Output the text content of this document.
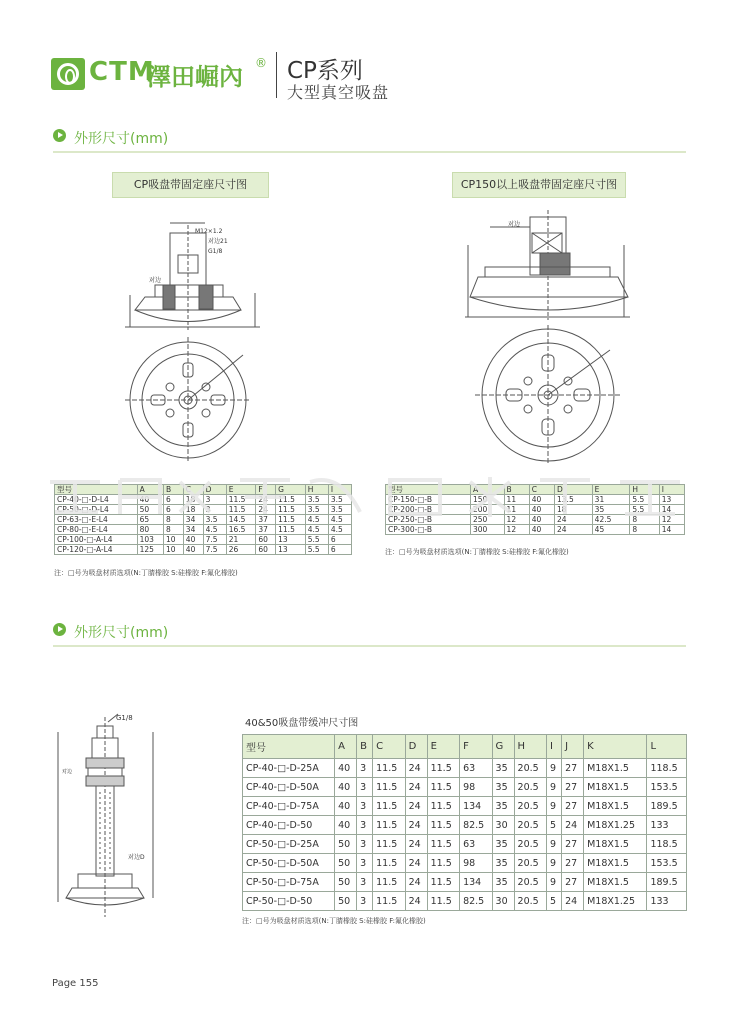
CTM
澤田崛內 ® CP系列
大型真空吸盘
外形尺寸(mm)
CP吸盘带固定座尺寸图	CP150以上吸盘带固定座尺寸图
M12×1.2
对边21
G1/8
对边
对边
型号	A	B	C	D	E	F	G	H	I
CP-40-□-D-L4	40	6	18	3	11.5	24	11.5	3.5	3.5
CP-50-□-D-L4	50	6	18	3	11.5	24	11.5	3.5	3.5
CP-63-□-E-L4	65	8	34	3.5	14.5	37	11.5	4.5	4.5
CP-80-□-E-L4	80	8	34	4.5	16.5	37	11.5	4.5	4.5
CP-100-□-A-L4	103	10	40	7.5	21	60	13	5.5	6
CP-120-□-A-L4	125	10	40	7.5	26	60	13	5.5	6
型号	A	B	C	D	E	H	I
CP-150-□-B	150	11	40	13.5	31	5.5	13
CP-200-□-B	200	11	40	18	35	5.5	14
CP-250-□-B	250	12	40	24	42.5	8	12
CP-300-□-B	300	12	40	24	45	8	14
注：□号为吸盘材质选项(N:丁腈橡胶 S:硅橡胶 F:氟化橡胶)
注：□号为吸盘材质选项(N:丁腈橡胶 S:硅橡胶 F:氟化橡胶)
外形尺寸(mm)
G1/8
对边
对边D
40&50吸盘带缓冲尺寸图
型号	A	B	C	D	E	F	G	H	I	J	K	L
CP-40-□-D-25A	40	3	11.5	24	11.5	63	35	20.5	9	27	M18X1.5	118.5
CP-40-□-D-50A	40	3	11.5	24	11.5	98	35	20.5	9	27	M18X1.5	153.5
CP-40-□-D-75A	40	3	11.5	24	11.5	134	35	20.5	9	27	M18X1.5	189.5
CP-40-□-D-50	40	3	11.5	24	11.5	82.5	30	20.5	5	24	M18X1.25	133
CP-50-□-D-25A	50	3	11.5	24	11.5	63	35	20.5	9	27	M18X1.5	118.5
CP-50-□-D-50A	50	3	11.5	24	11.5	98	35	20.5	9	27	M18X1.5	153.5
CP-50-□-D-75A	50	3	11.5	24	11.5	134	35	20.5	9	27	M18X1.5	189.5
CP-50-□-D-50	50	3	11.5	24	11.5	82.5	30	20.5	5	24	M18X1.25	133
注：□号为吸盘材质选项(N:丁腈橡胶 S:硅橡胶 F:氟化橡胶)
Page 155
